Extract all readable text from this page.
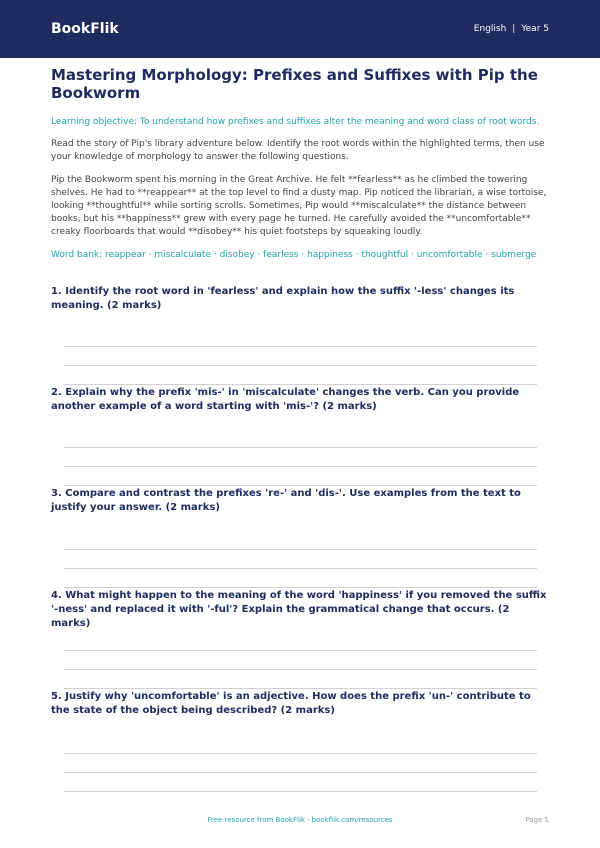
BookFlik	English | Year 5
Mastering Morphology: Prefixes and Suffixes with Pip the Bookworm
Learning objective: To understand how prefixes and suffixes alter the meaning and word class of root words.
Read the story of Pip's library adventure below. Identify the root words within the highlighted terms, then use your knowledge of morphology to answer the following questions.
Pip the Bookworm spent his morning in the Great Archive. He felt **fearless** as he climbed the towering shelves. He had to **reappear** at the top level to find a dusty map. Pip noticed the librarian, a wise tortoise, looking **thoughtful** while sorting scrolls. Sometimes, Pip would **miscalculate** the distance between books, but his **happiness** grew with every page he turned. He carefully avoided the **uncomfortable** creaky floorboards that would **disobey** his quiet footsteps by squeaking loudly.
Word bank: reappear · miscalculate · disobey · fearless · happiness · thoughtful · uncomfortable · submerge

1. Identify the root word in 'fearless' and explain how the suffix '-less' changes its meaning. (2 marks)

2. Explain why the prefix 'mis-' in 'miscalculate' changes the verb. Can you provide another example of a word starting with 'mis-'? (2 marks)

3. Compare and contrast the prefixes 're-' and 'dis-'. Use examples from the text to justify your answer. (2 marks)

4. What might happen to the meaning of the word 'happiness' if you removed the suffix '-ness' and replaced it with '-ful'? Explain the grammatical change that occurs. (2 marks)

5. Justify why 'uncomfortable' is an adjective. How does the prefix 'un-' contribute to the state of the object being described? (2 marks)

Free resource from BookFlik · bookflik.com/resources	Page 1
